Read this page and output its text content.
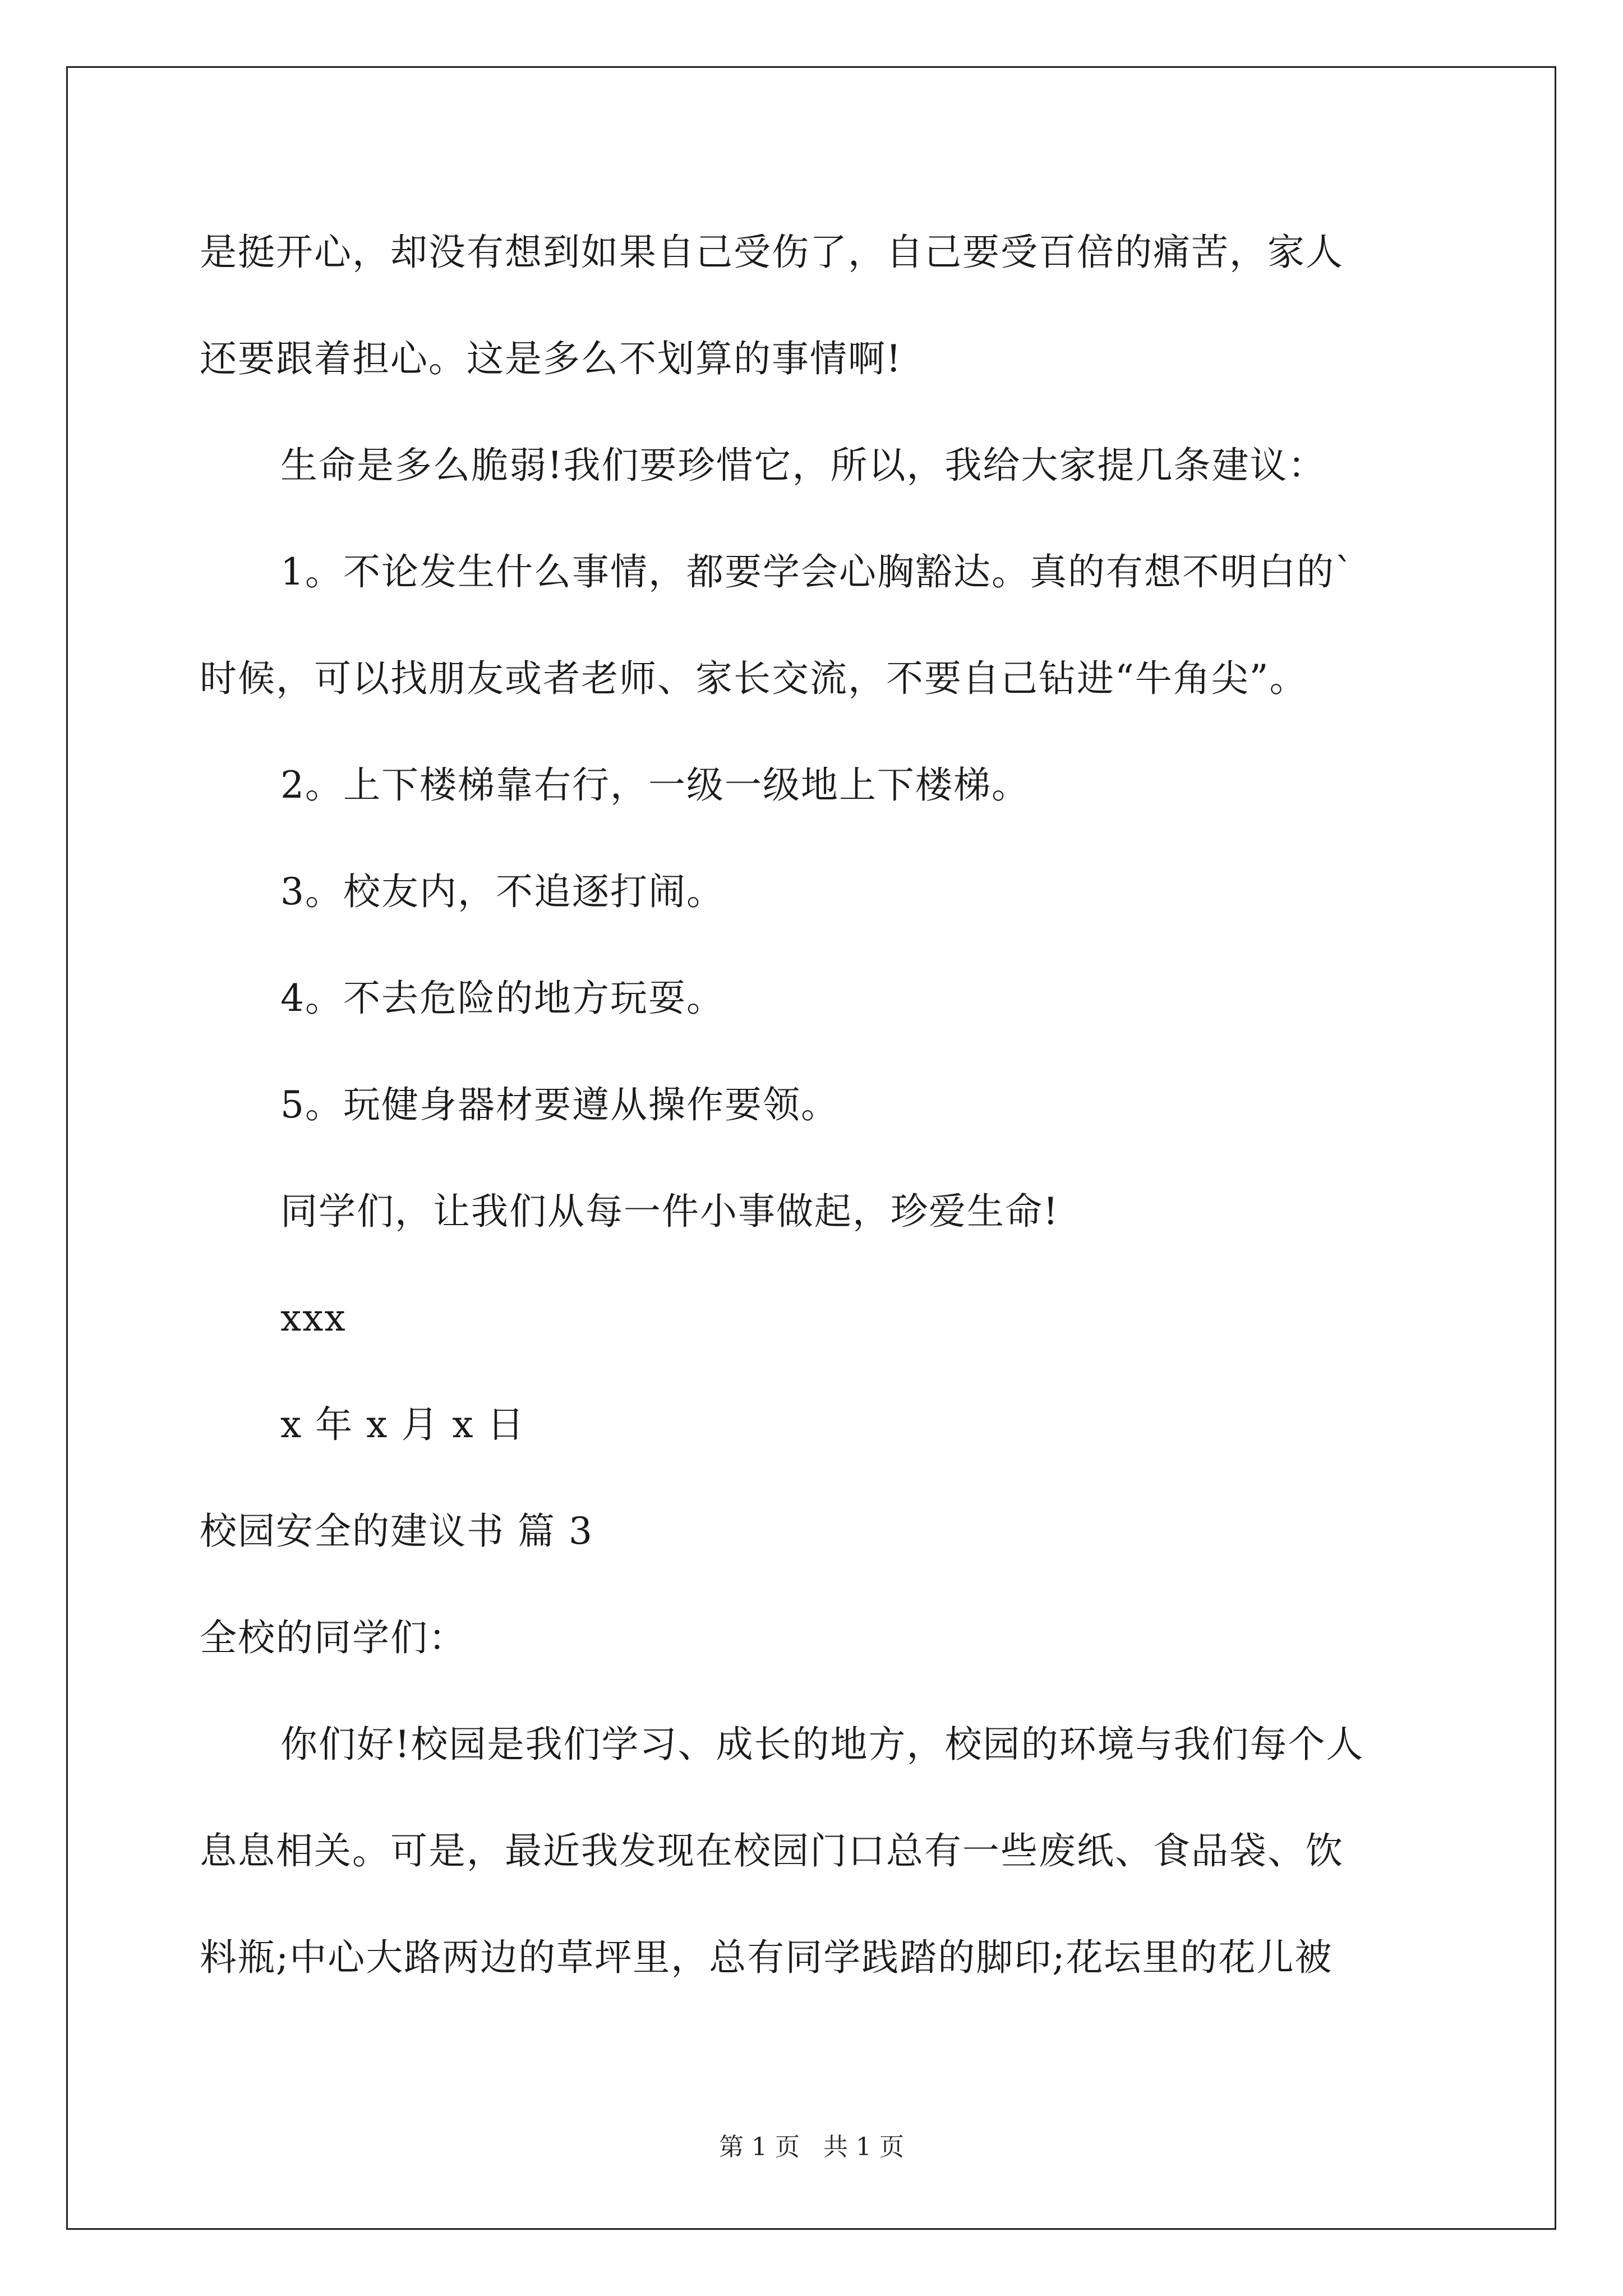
是挺开心，却没有想到如果自己受伤了，自己要受百倍的痛苦，家人
还要跟着担心。这是多么不划算的事情啊!
生命是多么脆弱!我们要珍惜它，所以，我给大家提几条建议：
1。不论发生什么事情，都要学会心胸豁达。真的有想不明白的`
时候，可以找朋友或者老师、家长交流，不要自己钻进“牛角尖”。
2。上下楼梯靠右行，一级一级地上下楼梯。
3。校友内，不追逐打闹。
4。不去危险的地方玩耍。
5。玩健身器材要遵从操作要领。
同学们，让我们从每一件小事做起，珍爱生命!
xxx
x 年 x 月 x 日
校园安全的建议书 篇 3
全校的同学们：
你们好!校园是我们学习、成长的地方，校园的环境与我们每个人
息息相关。可是，最近我发现在校园门口总有一些废纸、食品袋、饮
料瓶;中心大路两边的草坪里，总有同学践踏的脚印;花坛里的花儿被
第 1 页 共 1 页
